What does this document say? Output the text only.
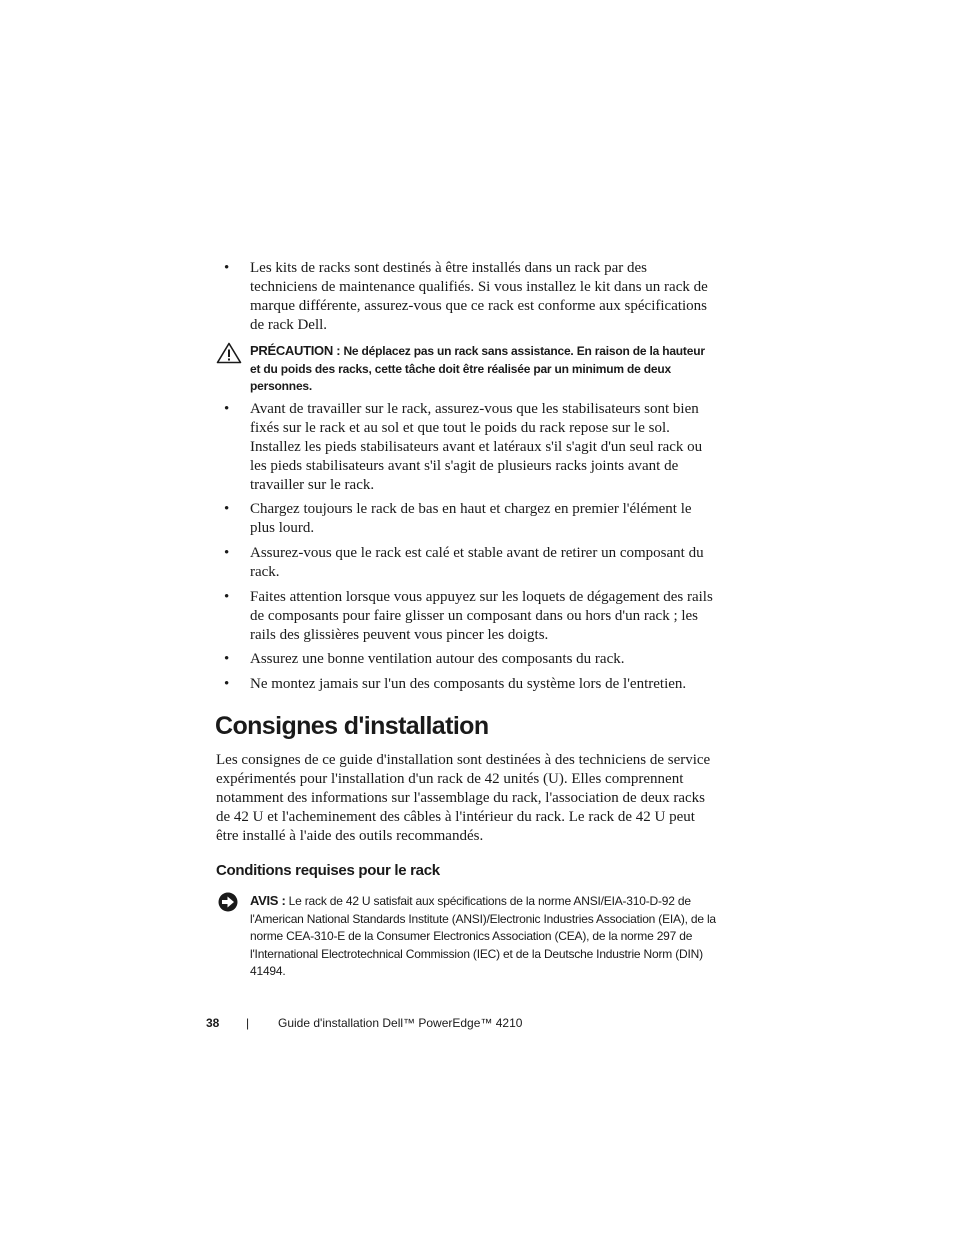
• Les kits de racks sont destinés à être installés dans un rack par des techniciens de maintenance qualifiés. Si vous installez le kit dans un rack de marque différente, assurez-vous que ce rack est conforme aux spécifications de rack Dell.
PRÉCAUTION : Ne déplacez pas un rack sans assistance. En raison de la hauteur et du poids des racks, cette tâche doit être réalisée par un minimum de deux personnes.
• Avant de travailler sur le rack, assurez-vous que les stabilisateurs sont bien fixés sur le rack et au sol et que tout le poids du rack repose sur le sol. Installez les pieds stabilisateurs avant et latéraux s'il s'agit d'un seul rack ou les pieds stabilisateurs avant s'il s'agit de plusieurs racks joints avant de travailler sur le rack.
• Chargez toujours le rack de bas en haut et chargez en premier l'élément le plus lourd.
• Assurez-vous que le rack est calé et stable avant de retirer un composant du rack.
• Faites attention lorsque vous appuyez sur les loquets de dégagement des rails de composants pour faire glisser un composant dans ou hors d'un rack ; les rails des glissières peuvent vous pincer les doigts.
• Assurez une bonne ventilation autour des composants du rack.
• Ne montez jamais sur l'un des composants du système lors de l'entretien.
Consignes d'installation
Les consignes de ce guide d'installation sont destinées à des techniciens de service expérimentés pour l'installation d'un rack de 42 unités (U). Elles comprennent notamment des informations sur l'assemblage du rack, l'association de deux racks de 42 U et l'acheminement des câbles à l'intérieur du rack. Le rack de 42 U peut être installé à l'aide des outils recommandés.
Conditions requises pour le rack
AVIS : Le rack de 42 U satisfait aux spécifications de la norme ANSI/EIA-310-D-92 de l'American National Standards Institute (ANSI)/Electronic Industries Association (EIA), de la norme CEA-310-E de la Consumer Electronics Association (CEA), de la norme 297 de l'International Electrotechnical Commission (IEC) et de la Deutsche Industrie Norm (DIN) 41494.
38 | Guide d'installation Dell™ PowerEdge™ 4210
